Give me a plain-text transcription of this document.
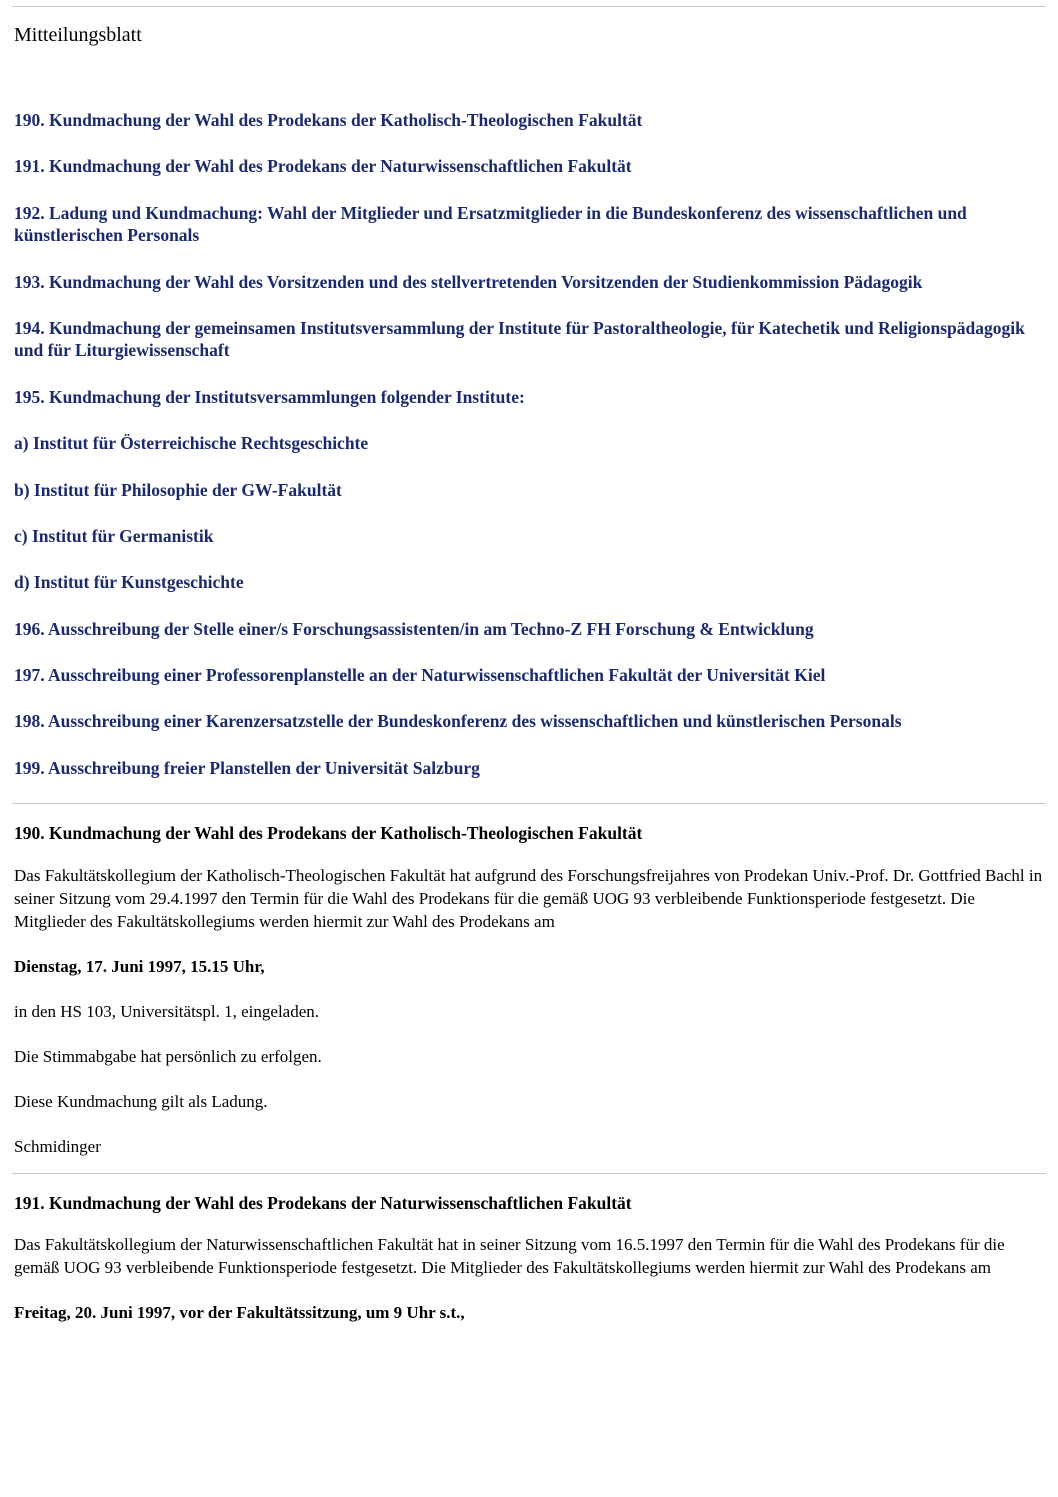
Mitteilungsblatt
190. Kundmachung der Wahl des Prodekans der Katholisch-Theologischen Fakultät
191. Kundmachung der Wahl des Prodekans der Naturwissenschaftlichen Fakultät
192. Ladung und Kundmachung: Wahl der Mitglieder und Ersatzmitglieder in die Bundeskonferenz des wissenschaftlichen und künstlerischen Personals
193. Kundmachung der Wahl des Vorsitzenden und des stellvertretenden Vorsitzenden der Studienkommission Pädagogik
194. Kundmachung der gemeinsamen Institutsversammlung der Institute für Pastoraltheologie, für Katechetik und Religionspädagogik und für Liturgiewissenschaft
195. Kundmachung der Institutsversammlungen folgender Institute:
a) Institut für Österreichische Rechtsgeschichte
b) Institut für Philosophie der GW-Fakultät
c) Institut für Germanistik
d) Institut für Kunstgeschichte
196. Ausschreibung der Stelle einer/s Forschungsassistenten/in am Techno-Z FH Forschung & Entwicklung
197. Ausschreibung einer Professorenplanstelle an der Naturwissenschaftlichen Fakultät der Universität Kiel
198. Ausschreibung einer Karenzersatzstelle der Bundeskonferenz des wissenschaftlichen und künstlerischen Personals
199. Ausschreibung freier Planstellen der Universität Salzburg
190. Kundmachung der Wahl des Prodekans der Katholisch-Theologischen Fakultät
Das Fakultätskollegium der Katholisch-Theologischen Fakultät hat aufgrund des Forschungsfreijahres von Prodekan Univ.-Prof. Dr. Gottfried Bachl in seiner Sitzung vom 29.4.1997 den Termin für die Wahl des Prodekans für die gemäß UOG 93 verbleibende Funktionsperiode festgesetzt. Die Mitglieder des Fakultätskollegiums werden hiermit zur Wahl des Prodekans am
Dienstag, 17. Juni 1997, 15.15 Uhr,
in den HS 103, Universitätspl. 1, eingeladen.
Die Stimmabgabe hat persönlich zu erfolgen.
Diese Kundmachung gilt als Ladung.
Schmidinger
191. Kundmachung der Wahl des Prodekans der Naturwissenschaftlichen Fakultät
Das Fakultätskollegium der Naturwissenschaftlichen Fakultät hat in seiner Sitzung vom 16.5.1997 den Termin für die Wahl des Prodekans für die gemäß UOG 93 verbleibende Funktionsperiode festgesetzt. Die Mitglieder des Fakultätskollegiums werden hiermit zur Wahl des Prodekans am
Freitag, 20. Juni 1997, vor der Fakultätssitzung, um 9 Uhr s.t.,
